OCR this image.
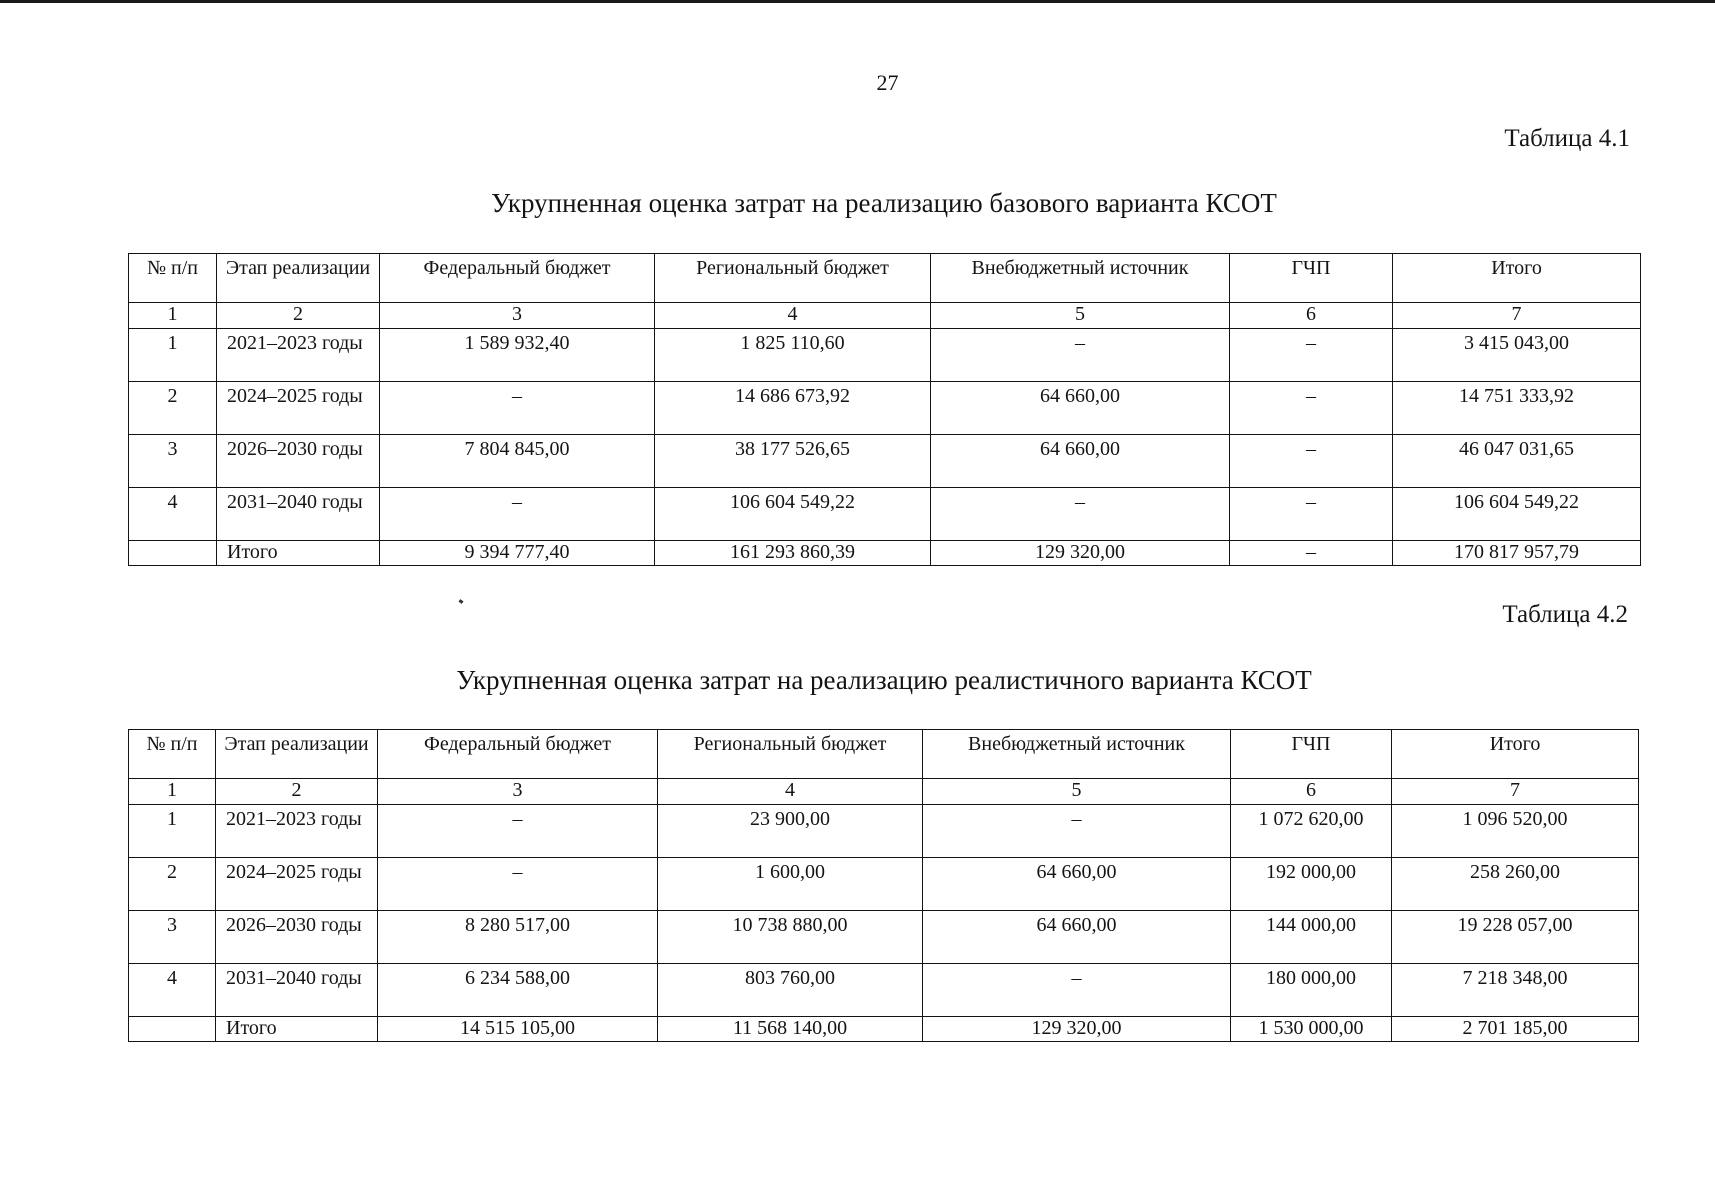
27
Таблица 4.1
Укрупненная оценка затрат на реализацию базового варианта КСОТ
№ п/п	Этап реализации	Федеральный бюджет	Региональный бюджет	Внебюджетный источник	ГЧП	Итого
1	2	3	4	5	6	7
1	2021–2023 годы	1 589 932,40	1 825 110,60	–	–	3 415 043,00
2	2024–2025 годы	–	14 686 673,92	64 660,00	–	14 751 333,92
3	2026–2030 годы	7 804 845,00	38 177 526,65	64 660,00	–	46 047 031,65
4	2031–2040 годы	–	106 604 549,22	–	–	106 604 549,22
	Итого	9 394 777,40	161 293 860,39	129 320,00	–	170 817 957,79
Таблица 4.2
Укрупненная оценка затрат на реализацию реалистичного варианта КСОТ
№ п/п	Этап реализации	Федеральный бюджет	Региональный бюджет	Внебюджетный источник	ГЧП	Итого
1	2	3	4	5	6	7
1	2021–2023 годы	–	23 900,00	–	1 072 620,00	1 096 520,00
2	2024–2025 годы	–	1 600,00	64 660,00	192 000,00	258 260,00
3	2026–2030 годы	8 280 517,00	10 738 880,00	64 660,00	144 000,00	19 228 057,00
4	2031–2040 годы	6 234 588,00	803 760,00	–	180 000,00	7 218 348,00
	Итого	14 515 105,00	11 568 140,00	129 320,00	1 530 000,00	2 701 185,00
